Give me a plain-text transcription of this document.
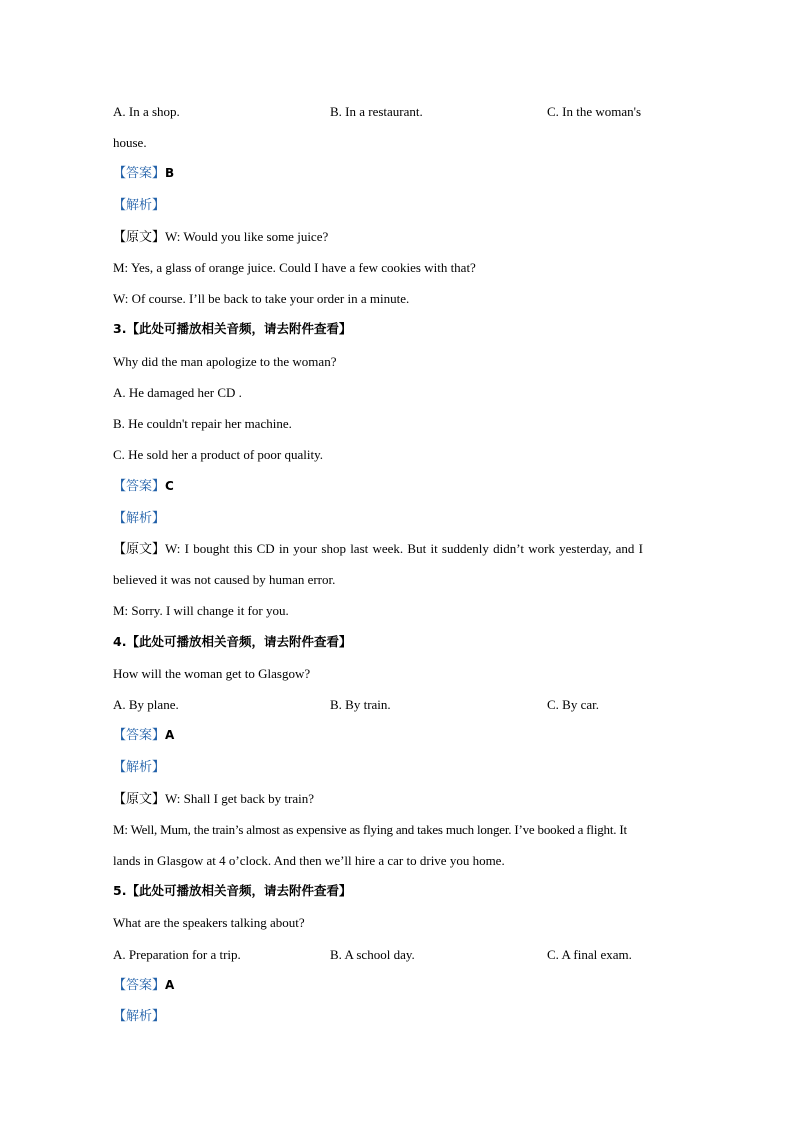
A. In a shop.	B. In a restaurant.	C. In the woman's
house.
【答案】B
【解析】
【原文】W: Would you like some juice?
M: Yes, a glass of orange juice. Could I have a few cookies with that?
W: Of course. I’ll be back to take your order in a minute.
3.【此处可播放相关音频，请去附件查看】
Why did the man apologize to the woman?
A. He damaged her CD .
B. He couldn't repair her machine.
C. He sold her a product of poor quality.
【答案】C
【解析】
【原文】W: I bought this CD in your shop last week. But it suddenly didn’t work yesterday, and I
believed it was not caused by human error.
M: Sorry. I will change it for you.
4.【此处可播放相关音频，请去附件查看】
How will the woman get to Glasgow?
A. By plane.	B. By train.	C. By car.
【答案】A
【解析】
【原文】W: Shall I get back by train?
M: Well, Mum, the train’s almost as expensive as flying and takes much longer. I’ve booked a flight. It
lands in Glasgow at 4 o’clock. And then we’ll hire a car to drive you home.
5.【此处可播放相关音频，请去附件查看】
What are the speakers talking about?
A. Preparation for a trip.	B. A school day.	C. A final exam.
【答案】A
【解析】
